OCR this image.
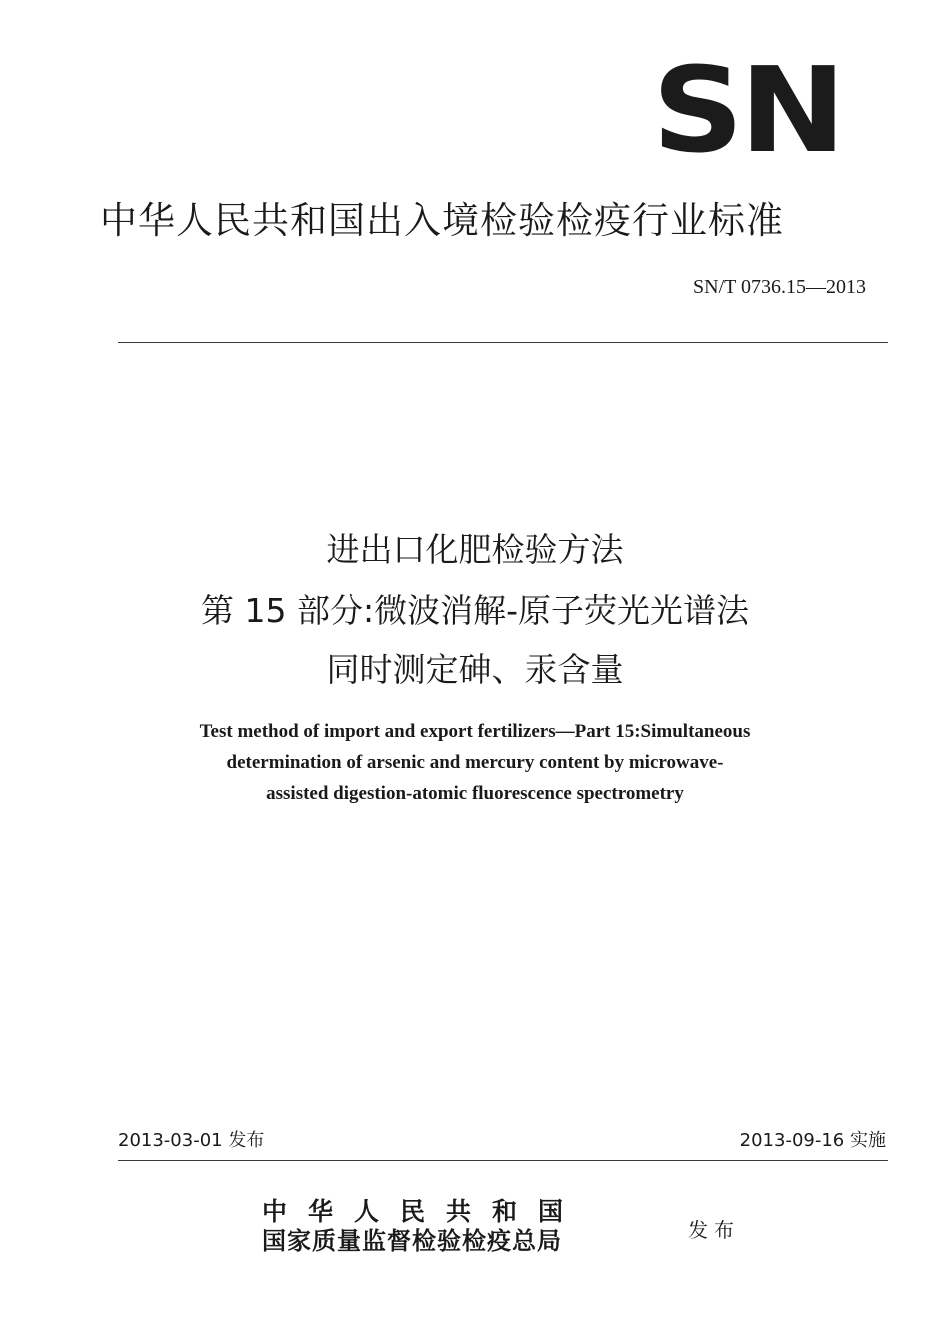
SN
中华人民共和国出入境检验检疫行业标准
SN/T 0736.15—2013
进出口化肥检验方法
第 15 部分:微波消解-原子荧光光谱法
同时测定砷、汞含量
Test method of import and export fertilizers—Part 15:Simultaneous
determination of arsenic and mercury content by microwave-
assisted digestion-atomic fluorescence spectrometry
2013-03-01 发布	2013-09-16 实施
中华人民共和国
国家质量监督检验检疫总局	发布
